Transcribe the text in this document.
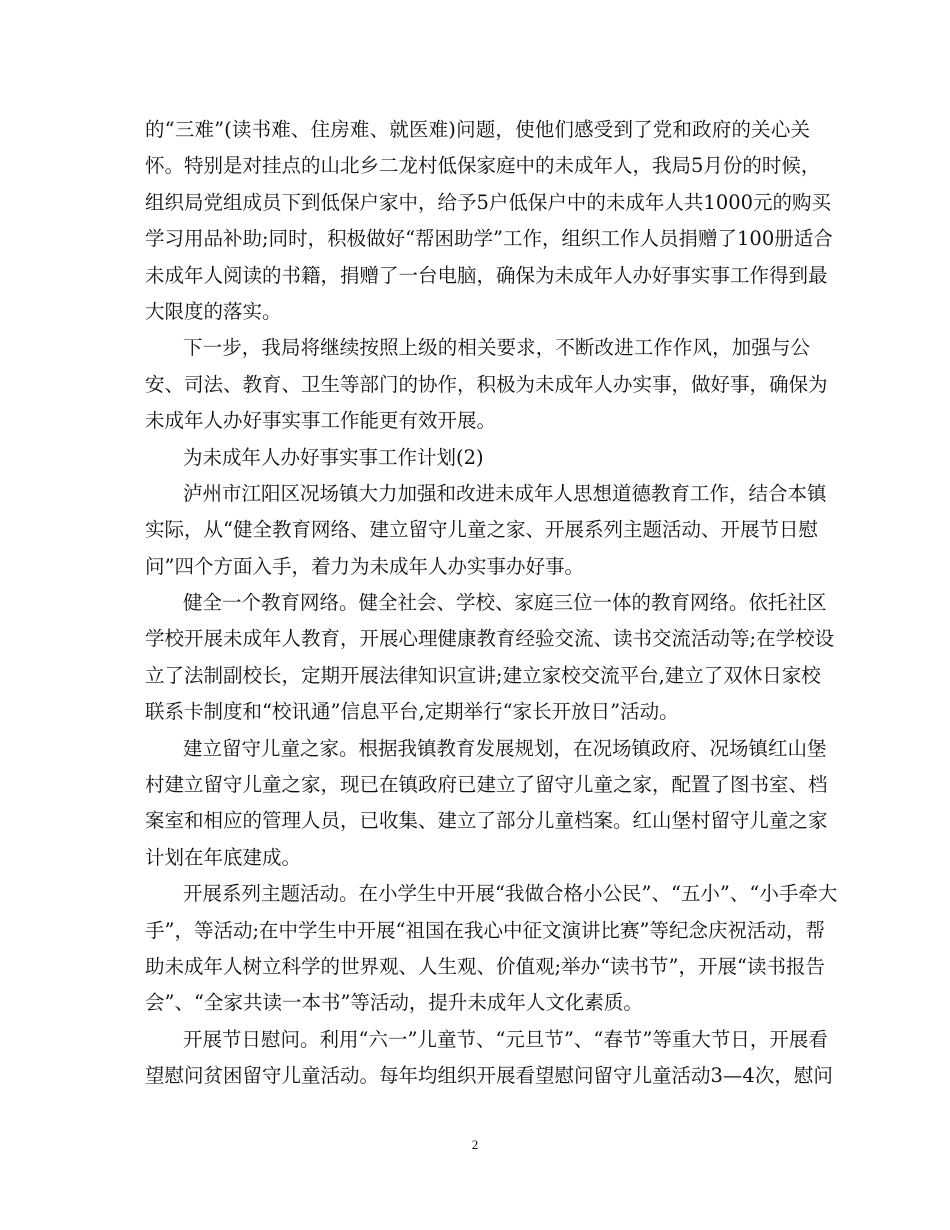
的“三难”(读书难、住房难、就医难)问题，使他们感受到了党和政府的关心关
怀。特别是对挂点的山北乡二龙村低保家庭中的未成年人，我局5月份的时候，
组织局党组成员下到低保户家中，给予5户低保户中的未成年人共1000元的购买
学习用品补助;同时，积极做好“帮困助学”工作，组织工作人员捐赠了100册适合
未成年人阅读的书籍，捐赠了一台电脑，确保为未成年人办好事实事工作得到最
大限度的落实。
下一步，我局将继续按照上级的相关要求，不断改进工作作风，加强与公
安、司法、教育、卫生等部门的协作，积极为未成年人办实事，做好事，确保为
未成年人办好事实事工作能更有效开展。
为未成年人办好事实事工作计划(2)
泸州市江阳区况场镇大力加强和改进未成年人思想道德教育工作，结合本镇
实际，从“健全教育网络、建立留守儿童之家、开展系列主题活动、开展节日慰
问”四个方面入手，着力为未成年人办实事办好事。
健全一个教育网络。健全社会、学校、家庭三位一体的教育网络。依托社区
学校开展未成年人教育，开展心理健康教育经验交流、读书交流活动等;在学校设
立了法制副校长，定期开展法律知识宣讲;建立家校交流平台,建立了双休日家校
联系卡制度和“校讯通”信息平台,定期举行“家长开放日”活动。
建立留守儿童之家。根据我镇教育发展规划，在况场镇政府、况场镇红山堡
村建立留守儿童之家，现已在镇政府已建立了留守儿童之家，配置了图书室、档
案室和相应的管理人员，已收集、建立了部分儿童档案。红山堡村留守儿童之家
计划在年底建成。
开展系列主题活动。在小学生中开展“我做合格小公民”、“五小”、“小手牵大
手”，等活动;在中学生中开展“祖国在我心中征文演讲比赛”等纪念庆祝活动，帮
助未成年人树立科学的世界观、人生观、价值观;举办“读书节”，开展“读书报告
会”、“全家共读一本书”等活动，提升未成年人文化素质。
开展节日慰问。利用“六一”儿童节、“元旦节”、“春节”等重大节日，开展看
望慰问贫困留守儿童活动。每年均组织开展看望慰问留守儿童活动3—4次，慰问
2
